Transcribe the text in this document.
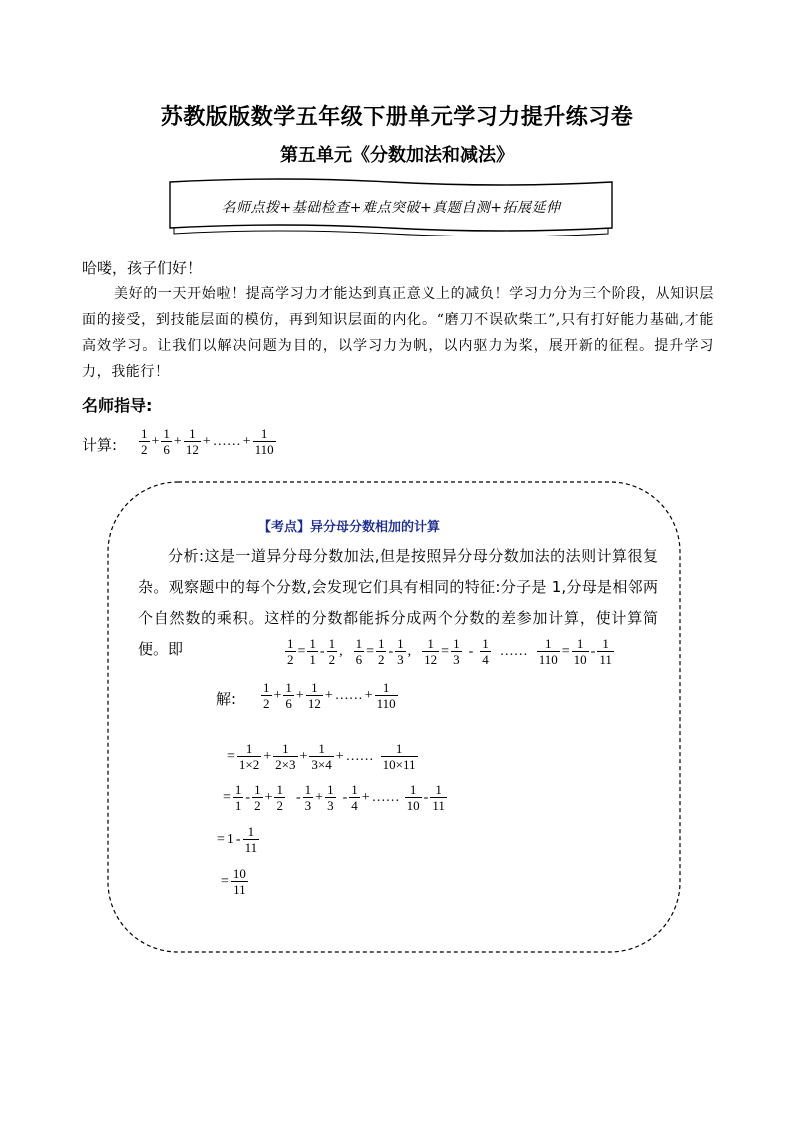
苏教版版数学五年级下册单元学习力提升练习卷
第五单元《分数加法和减法》
名师点拨+基础检查+难点突破+真题自测+拓展延伸
哈喽，孩子们好！
美好的一天开始啦！提高学习力才能达到真正意义上的减负！学习力分为三个阶段，从知识层面的接受，到技能层面的模仿，再到知识层面的内化。“磨刀不误砍柴工”,只有打好能力基础,才能高效学习。让我们以解决问题为目的，以学习力为帆，以内驱力为桨，展开新的征程。提升学习力，我能行！
名师指导:
计算: $\frac{1}{2} + \frac{1}{6} + \frac{1}{12}$ + …… + $\frac{1}{110}$
【考点】异分母分数相加的计算
分析:这是一道异分母分数加法,但是按照异分母分数加法的法则计算很复杂。观察题中的每个分数,会发现它们具有相同的特征:分子是 1,分母是相邻两个自然数的乘积。这样的分数都能拆分成两个分数的差参加计算，使计算简便。即	$\frac{1}{2} = \frac{1}{1} - \frac{1}{2}$ , $\frac{1}{6} = \frac{1}{2} - \frac{1}{3}$ , $\frac{1}{12} = \frac{1}{3} - \frac{1}{4}$ …… $\frac{1}{110} = \frac{1}{10} - \frac{1}{11}$
解: $\frac{1}{2} + \frac{1}{6} + \frac{1}{12}$ + …… + $\frac{1}{110}$
= $\frac{1}{1\times 2} + \frac{1}{2\times 3} + \frac{1}{3\times 4}$ + …… $\frac{1}{10\times 11}$
= $\frac{1}{1} - \frac{1}{2} + \frac{1}{2} - \frac{1}{3} + \frac{1}{3} - \frac{1}{4}$ + …… $\frac{1}{10} - \frac{1}{11}$
= $1 - \frac{1}{11}$
= $\frac{10}{11}$
